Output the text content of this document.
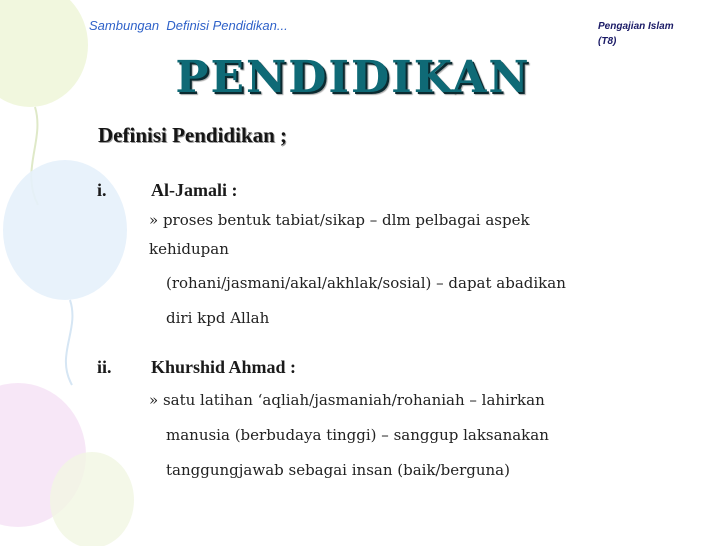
Sambungan  Definisi Pendidikan...	Pengajian Islam
(T8)
PENDIDIKAN
Definisi Pendidikan ;
i. Al-Jamali :
» proses bentuk tabiat/sikap – dlm pelbagai aspek
kehidupan
(rohani/jasmani/akal/akhlak/sosial) – dapat abadikan
diri kpd Allah
ii. Khurshid Ahmad :
» satu latihan ‘aqliah/jasmaniah/rohaniah – lahirkan
manusia (berbudaya tinggi) – sanggup laksanakan
tanggungjawab sebagai insan (baik/berguna)
